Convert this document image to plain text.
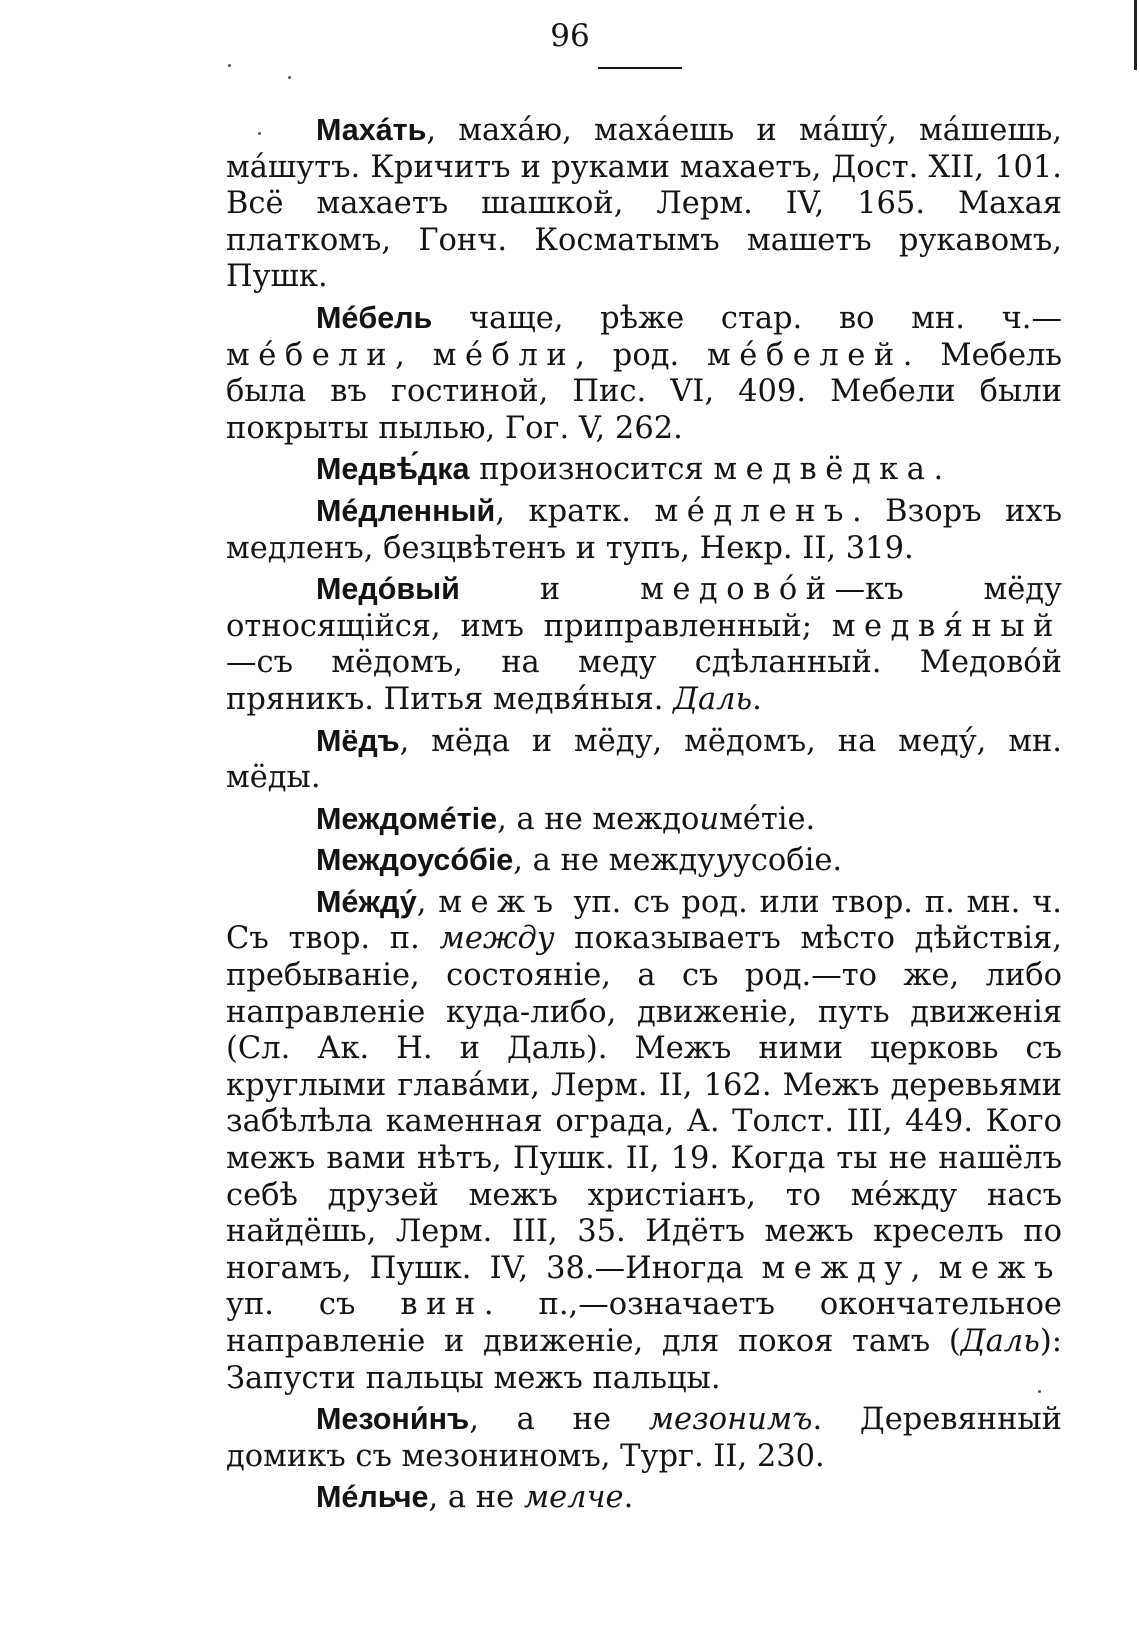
96

Махáть, махáю, махáешь и мáшу́, мáшешь, мáшутъ. Кричитъ и руками махаетъ, Дост. XII, 101. Всё махаетъ шашкой, Лерм. IV, 165. Махая платкомъ, Гонч. Косматымъ машетъ рукавомъ, Пушк.

Мéбель чаще, рѣже стар. во мн. ч.—мéбели, мéбли, род. мéбелей. Мебель была въ гостиной, Пис. VI, 409. Мебели были покрыты пылью, Гог. V, 262.

Медвѣ́дка произносится медвёдка.

Мéдленный, кратк. мéдленъ. Взоръ ихъ медленъ, безцвѣтенъ и тупъ, Некр. II, 319.

Медóвый и медовóй—къ мёду относящійся, имъ приправленный; медвя́ный—съ мёдомъ, на меду сдѣланный. Медовóй пряникъ. Питья медвя́ныя. Даль.

Мёдъ, мёда и мёду, мёдомъ, на меду́, мн. мёды.

Междомéтіе, а не междоимéтіе.

Междоусóбіе, а не междууусобіе.

Мéжду́, межъ уп. съ род. или твор. п. мн. ч. Съ твор. п. между показываетъ мѣсто дѣйствія, пребываніе, состояніе, а съ род.—то же, либо направленіе куда-либо, движеніе, путь движенія (Сл. Ак. Н. и Даль). Межъ ними церковь съ круглыми главáми, Лерм. II, 162. Межъ деревьями забѣлѣла каменная ограда, А. Толст. III, 449. Кого межъ вами нѣтъ, Пушк. II, 19. Когда ты не нашёлъ себѣ друзей межъ христіанъ, то мéжду насъ найдёшь, Лерм. III, 35. Идётъ межъ креселъ по ногамъ, Пушк. IV, 38.—Иногда между, межъ уп. съ вин. п.,—означаетъ окончательное направленіе и движеніе, для покоя тамъ (Даль): Запусти пальцы межъ пальцы.

Мезони́нъ, а не мезонимъ. Деревянный домикъ съ мезониномъ, Тург. II, 230.

Мéльче, а не мелче.
